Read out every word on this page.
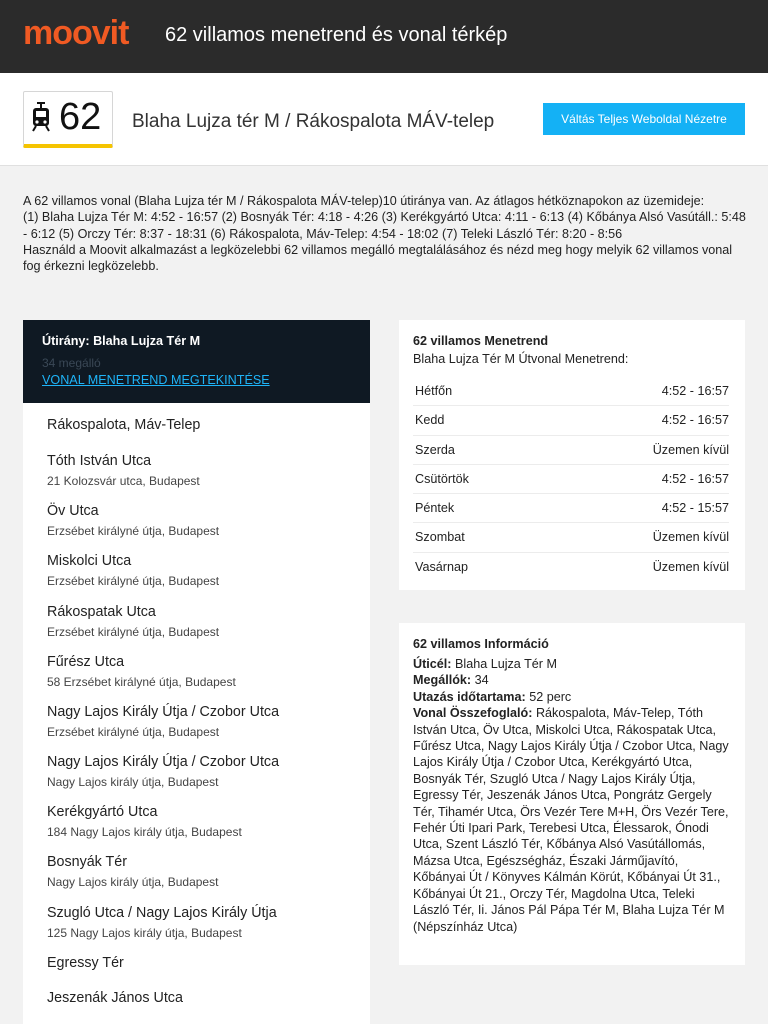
moovit 62 villamos menetrend és vonal térkép
62 Blaha Lujza tér M / Rákospalota MÁV-telep	Váltás Teljes Weboldal Nézetre

A 62 villamos vonal (Blaha Lujza tér M / Rákospalota MÁV-telep)10 útiránya van. Az átlagos hétköznapokon az üzemideje:

(1) Blaha Lujza Tér M: 4:52 - 16:57 (2) Bosnyák Tér: 4:18 - 4:26 (3) Kerékgyártó Utca: 4:11 - 6:13 (4) Kőbánya Alsó Vasútáll.: 5:48 - 6:12 (5) Orczy Tér: 8:37 - 18:31 (6) Rákospalota, Máv-Telep: 4:54 - 18:02 (7) Teleki László Tér: 8:20 - 8:56

Használd a Moovit alkalmazást a legközelebbi 62 villamos megálló megtalálásához és nézd meg hogy melyik 62 villamos vonal fog érkezni legközelebb.

Útirány: Blaha Lujza Tér M
34 megálló
VONAL MENETREND MEGTEKINTÉSE
Rákospalota, Máv-Telep
Tóth István Utca
21 Kolozsvár utca, Budapest
Öv Utca
Erzsébet királyné útja, Budapest
Miskolci Utca
Erzsébet királyné útja, Budapest
Rákospatak Utca
Erzsébet királyné útja, Budapest
Fűrész Utca
58 Erzsébet királyné útja, Budapest
Nagy Lajos Király Útja / Czobor Utca
Erzsébet királyné útja, Budapest
Nagy Lajos Király Útja / Czobor Utca
Nagy Lajos király útja, Budapest
Kerékgyártó Utca
184 Nagy Lajos király útja, Budapest
Bosnyák Tér
Nagy Lajos király útja, Budapest
Szugló Utca / Nagy Lajos Király Útja
125 Nagy Lajos király útja, Budapest
Egressy Tér
Jeszenák János Utca
62 villamos Menetrend
Blaha Lujza Tér M Útvonal Menetrend:
Hétfőn	4:52 - 16:57
Kedd	4:52 - 16:57
Szerda	Üzemen kívül
Csütörtök	4:52 - 16:57
Péntek	4:52 - 15:57
Szombat	Üzemen kívül
Vasárnap	Üzemen kívül
62 villamos Információ

Úticél: Blaha Lujza Tér M

Megállók: 34

Utazás időtartama: 52 perc

Vonal Összefoglaló: Rákospalota, Máv-Telep, Tóth István Utca, Öv Utca, Miskolci Utca, Rákospatak Utca, Fűrész Utca, Nagy Lajos Király Útja / Czobor Utca, Nagy Lajos Király Útja / Czobor Utca, Kerékgyártó Utca, Bosnyák Tér, Szugló Utca / Nagy Lajos Király Útja, Egressy Tér, Jeszenák János Utca, Pongrátz Gergely Tér, Tihamér Utca, Örs Vezér Tere M+H, Örs Vezér Tere, Fehér Úti Ipari Park, Terebesi Utca, Élessarok, Ónodi Utca, Szent László Tér, Kőbánya Alsó Vasútállomás, Mázsa Utca, Egészségház, Északi Járműjavító, Kőbányai Út / Könyves Kálmán Körút, Kőbányai Út 31., Kőbányai Út 21., Orczy Tér, Magdolna Utca, Teleki László Tér, Ii. János Pál Pápa Tér M, Blaha Lujza Tér M (Népszínház Utca)
